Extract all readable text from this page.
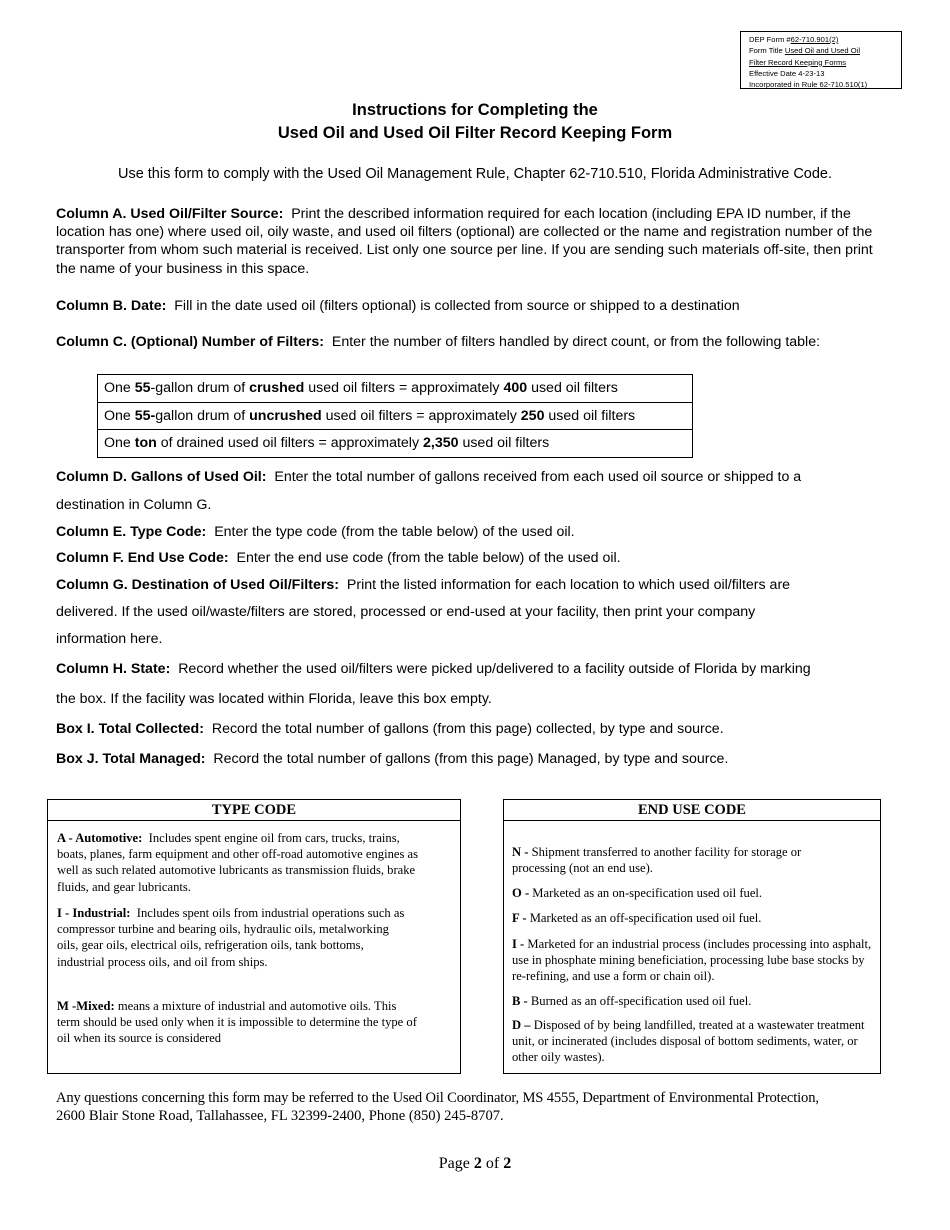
DEP Form #62-710.901(2)
Form Title Used Oil and Used Oil
Filter Record Keeping Forms
Effective Date 4-23-13
Incorporated in Rule 62-710.510(1)
Instructions for Completing the
Used Oil and Used Oil Filter Record Keeping Form
Use this form to comply with the Used Oil Management Rule, Chapter 62-710.510, Florida Administrative Code.
Column A. Used Oil/Filter Source: Print the described information required for each location (including EPA ID number, if the location has one) where used oil, oily waste, and used oil filters (optional) are collected or the name and registration number of the transporter from whom such material is received. List only one source per line. If you are sending such materials off-site, then print the name of your business in this space.
Column B. Date: Fill in the date used oil (filters optional) is collected from source or shipped to a destination
Column C. (Optional) Number of Filters: Enter the number of filters handled by direct count, or from the following table:
One 55-gallon drum of crushed used oil filters = approximately 400 used oil filters
One 55-gallon drum of uncrushed used oil filters = approximately 250 used oil filters
One ton of drained used oil filters = approximately 2,350 used oil filters
Column D. Gallons of Used Oil: Enter the total number of gallons received from each used oil source or shipped to a
destination in Column G.
Column E. Type Code: Enter the type code (from the table below) of the used oil.
Column F. End Use Code: Enter the end use code (from the table below) of the used oil.
Column G. Destination of Used Oil/Filters: Print the listed information for each location to which used oil/filters are
delivered. If the used oil/waste/filters are stored, processed or end-used at your facility, then print your company
information here.
Column H. State: Record whether the used oil/filters were picked up/delivered to a facility outside of Florida by marking
the box. If the facility was located within Florida, leave this box empty.
Box I. Total Collected: Record the total number of gallons (from this page) collected, by type and source.
Box J. Total Managed: Record the total number of gallons (from this page) Managed, by type and source.
TYPE CODE

A - Automotive: Includes spent engine oil from cars, trucks, trains, boats, planes, farm equipment and other off-road automotive engines as well as such related automotive lubricants as transmission fluids, brake fluids, and gear lubricants.

I - Industrial: Includes spent oils from industrial operations such as compressor turbine and bearing oils, hydraulic oils, metalworking oils, gear oils, electrical oils, refrigeration oils, tank bottoms, industrial process oils, and oil from ships.

M -Mixed: means a mixture of industrial and automotive oils. This term should be used only when it is impossible to determine the type of oil when its source is considered

END USE CODE

N - Shipment transferred to another facility for storage or processing (not an end use).

O - Marketed as an on-specification used oil fuel.

F - Marketed as an off-specification used oil fuel.

I - Marketed for an industrial process (includes processing into asphalt, use in phosphate mining beneficiation, processing lube base stocks by re-refining, and use a form or chain oil).

B - Burned as an off-specification used oil fuel.

D – Disposed of by being landfilled, treated at a wastewater treatment unit, or incinerated (includes disposal of bottom sediments, water, or other oily wastes).

Any questions concerning this form may be referred to the Used Oil Coordinator, MS 4555, Department of Environmental Protection,
2600 Blair Stone Road, Tallahassee, FL 32399-2400, Phone (850) 245-8707.
Page 2 of 2
